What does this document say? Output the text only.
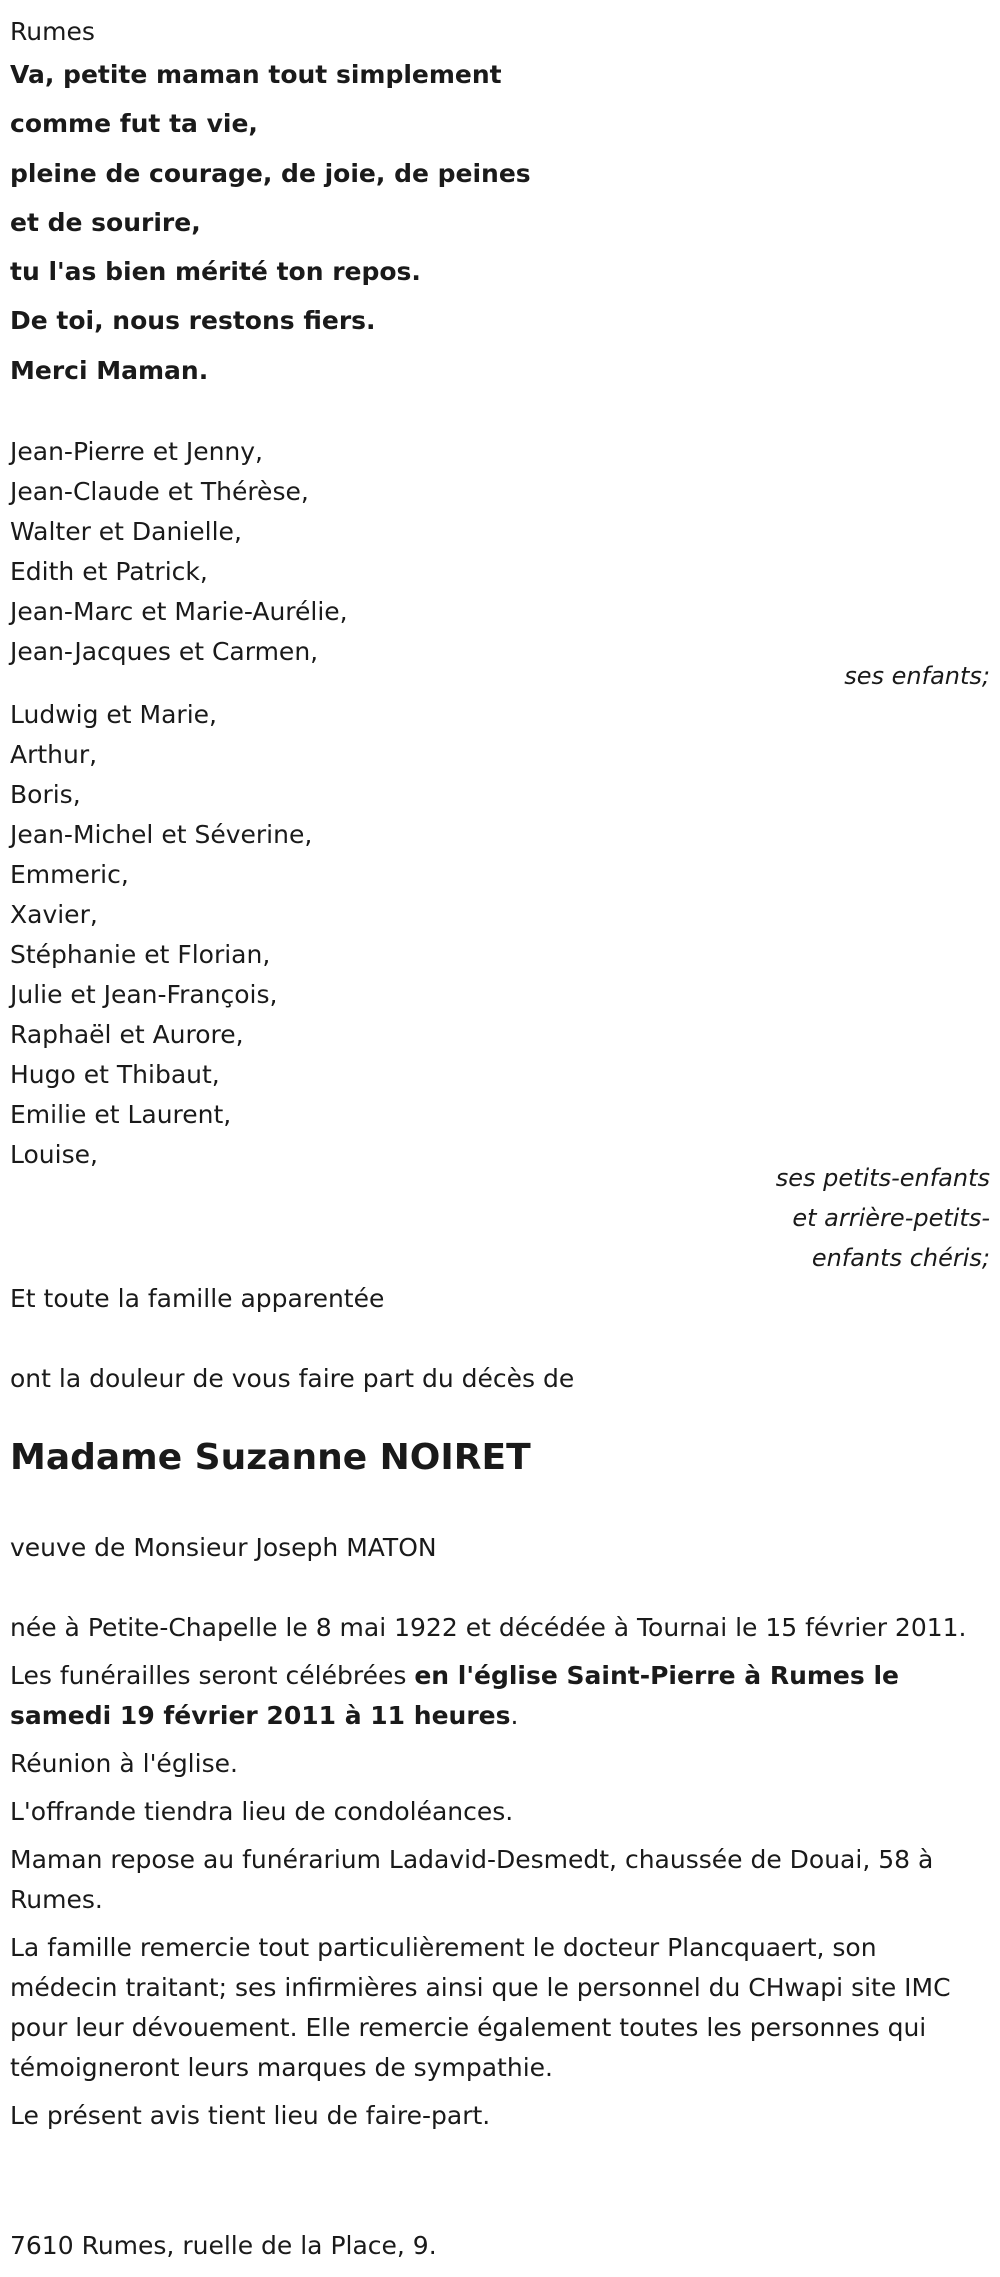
Rumes
Va, petite maman tout simplement
comme fut ta vie,
pleine de courage, de joie, de peines
et de sourire,
tu l'as bien mérité ton repos.
De toi, nous restons fiers.
Merci Maman.
Jean-Pierre et Jenny,
Jean-Claude et Thérèse,
Walter et Danielle,
Edith et Patrick,
Jean-Marc et Marie-Aurélie,
Jean-Jacques et Carmen,
ses enfants;
Ludwig et Marie,
Arthur,
Boris,
Jean-Michel et Séverine,
Emmeric,
Xavier,
Stéphanie et Florian,
Julie et Jean-François,
Raphaël et Aurore,
Hugo et Thibaut,
Emilie et Laurent,
Louise,
ses petits-enfants
et arrière-petits-
enfants chéris;
Et toute la famille apparentée
ont la douleur de vous faire part du décès de
Madame Suzanne NOIRET
veuve de Monsieur Joseph MATON

née à Petite-Chapelle le 8 mai 1922 et décédée à Tournai le 15 février 2011.

Les funérailles seront célébrées en l'église Saint-Pierre à Rumes le samedi 19 février 2011 à 11 heures.

Réunion à l'église.

L'offrande tiendra lieu de condoléances.

Maman repose au funérarium Ladavid-Desmedt, chaussée de Douai, 58 à Rumes.

La famille remercie tout particulièrement le docteur Plancquaert, son médecin traitant; ses infirmières ainsi que le personnel du CHwapi site IMC pour leur dévouement. Elle remercie également toutes les personnes qui témoigneront leurs marques de sympathie.

Le présent avis tient lieu de faire-part.

7610 Rumes, ruelle de la Place, 9.
